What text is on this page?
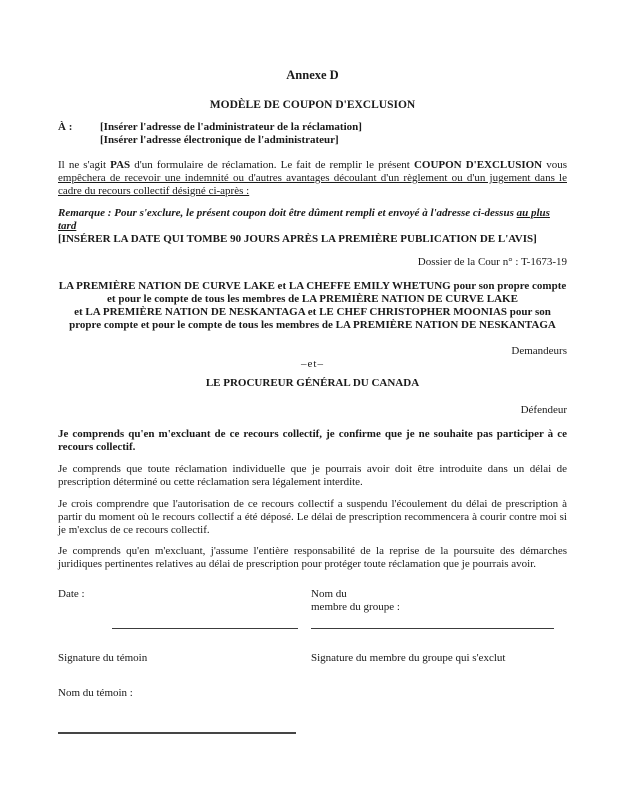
Annexe D
MODÈLE DE COUPON D'EXCLUSION
À :	[Insérer l'adresse de l'administrateur de la réclamation]
[Insérer l'adresse électronique de l'administrateur]

Il ne s'agit PAS d'un formulaire de réclamation. Le fait de remplir le présent COUPON D'EXCLUSION vous empêchera de recevoir une indemnité ou d'autres avantages découlant d'un règlement ou d'un jugement dans le cadre du recours collectif désigné ci-après :

Remarque : Pour s'exclure, le présent coupon doit être dûment rempli et envoyé à l'adresse ci-dessus au plus tard
[INSÉRER LA DATE QUI TOMBE 90 JOURS APRÈS LA PREMIÈRE PUBLICATION DE L'AVIS]

Dossier de la Cour n° : T-1673-19
LA PREMIÈRE NATION DE CURVE LAKE et LA CHEFFE EMILY WHETUNG pour son propre compte
et pour le compte de tous les membres de LA PREMIÈRE NATION DE CURVE LAKE
et LA PREMIÈRE NATION DE NESKANTAGA et LE CHEF CHRISTOPHER MOONIAS pour son
propre compte et pour le compte de tous les membres de LA PREMIÈRE NATION DE NESKANTAGA
Demandeurs
–et–
LE PROCUREUR GÉNÉRAL DU CANADA
Défendeur

Je comprends qu'en m'excluant de ce recours collectif, je confirme que je ne souhaite pas participer à ce recours collectif.

Je comprends que toute réclamation individuelle que je pourrais avoir doit être introduite dans un délai de prescription déterminé ou cette réclamation sera légalement interdite.

Je crois comprendre que l'autorisation de ce recours collectif a suspendu l'écoulement du délai de prescription à partir du moment où le recours collectif a été déposé. Le délai de prescription recommencera à courir contre moi si je m'exclus de ce recours collectif.

Je comprends qu'en m'excluant, j'assume l'entière responsabilité de la reprise de la poursuite des démarches juridiques pertinentes relatives au délai de prescription pour protéger toute réclamation que je pourrais avoir.

Date :	Nom du
membre du groupe :
Signature du témoin	Signature du membre du groupe qui s'exclut
Nom du témoin :
